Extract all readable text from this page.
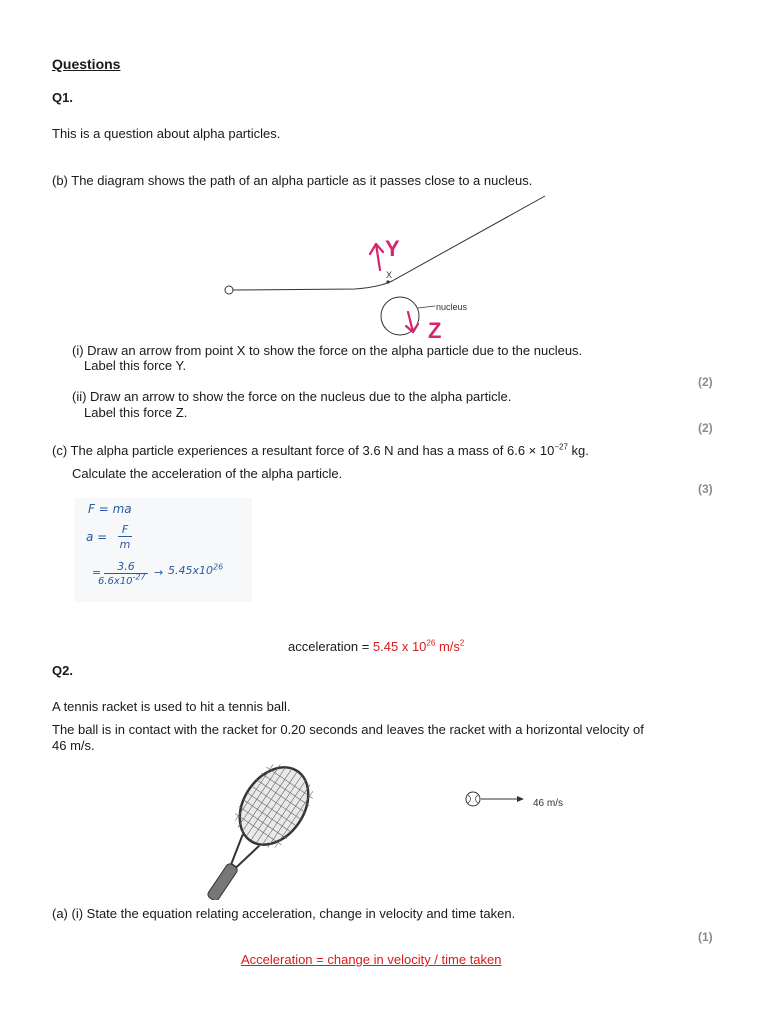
Questions
Q1.
This is a question about alpha particles.
(b) The diagram shows the path of an alpha particle as it passes close to a nucleus.
X
nucleus
Y
Z
(i) Draw an arrow from point X to show the force on the alpha particle due to the nucleus.
Label this force Y.
(2)
(ii) Draw an arrow to show the force on the nucleus due to the alpha particle.
Label this force Z.
(2)
(c) The alpha particle experiences a resultant force of 3.6 N and has a mass of $6.6 \times 10^{-27}$ kg.
Calculate the acceleration of the alpha particle.
(3)
F = ma
a =
F
m
=	3.6
$6.6x10^{-27} \to 5.45x10^{26}$
acceleration = 5.45 x $10^{26}$ $m/s^2$
Q2.
A tennis racket is used to hit a tennis ball.
The ball is in contact with the racket for 0.20 seconds and leaves the racket with a horizontal velocity of
46 m/s.
46 m/s
(a) (i) State the equation relating acceleration, change in velocity and time taken.
(1)
Acceleration = change in velocity / time taken
